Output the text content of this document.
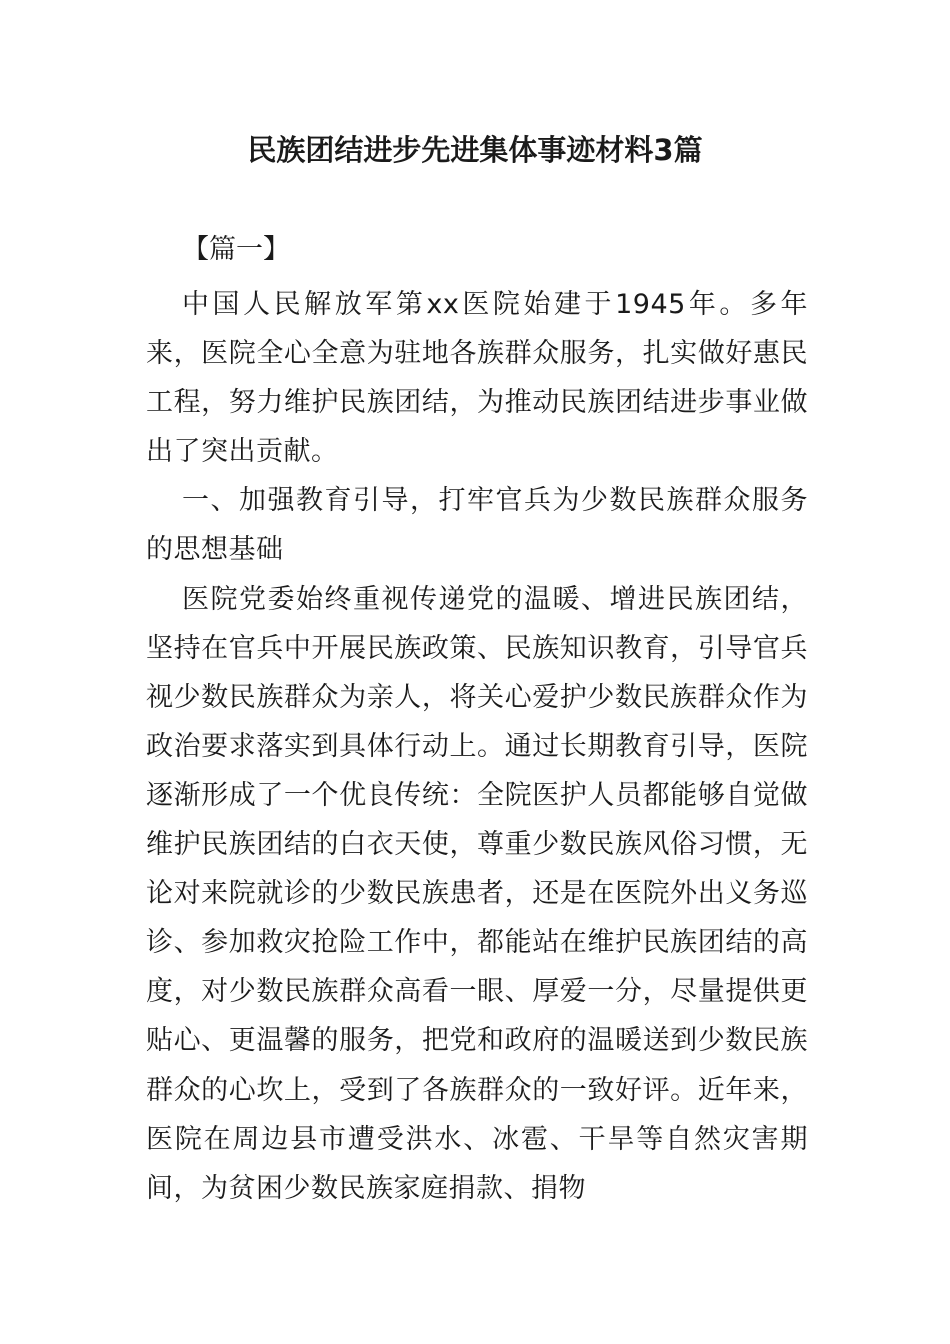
民族团结进步先进集体事迹材料3篇
【篇一】

中国人民解放军第xx医院始建于1945年。多年来，医院全心全意为驻地各族群众服务，扎实做好惠民工程，努力维护民族团结，为推动民族团结进步事业做出了突出贡献。

一、加强教育引导，打牢官兵为少数民族群众服务的思想基础

医院党委始终重视传递党的温暖、增进民族团结，坚持在官兵中开展民族政策、民族知识教育，引导官兵视少数民族群众为亲人，将关心爱护少数民族群众作为政治要求落实到具体行动上。通过长期教育引导，医院逐渐形成了一个优良传统：全院医护人员都能够自觉做维护民族团结的白衣天使，尊重少数民族风俗习惯，无论对来院就诊的少数民族患者，还是在医院外出义务巡诊、参加救灾抢险工作中，都能站在维护民族团结的高度，对少数民族群众高看一眼、厚爱一分，尽量提供更贴心、更温馨的服务，把党和政府的温暖送到少数民族群众的心坎上，受到了各族群众的一致好评。近年来，医院在周边县市遭受洪水、冰雹、干旱等自然灾害期间，为贫困少数民族家庭捐款、捐物
